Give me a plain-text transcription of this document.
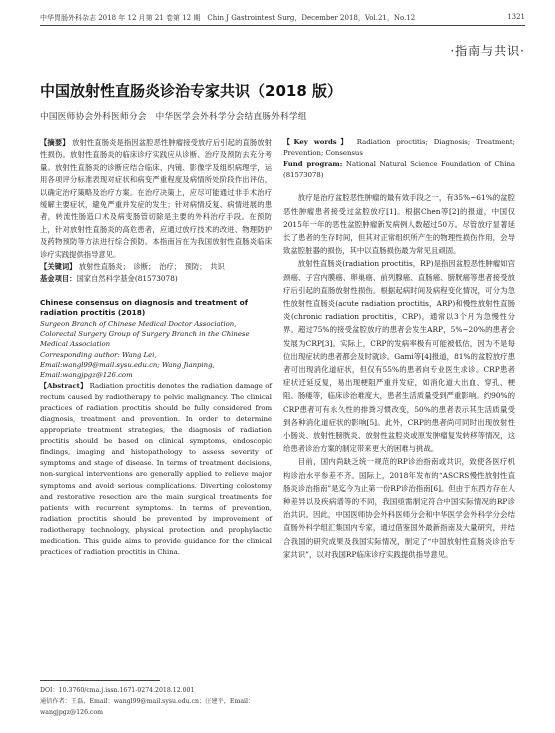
中华胃肠外科杂志 2018 年 12 月第 21 卷第 12 期　Chin J Gastrointest Surg，December 2018，Vol.21，No.12	1321
·指南与共识·
中国放射性直肠炎诊治专家共识（2018 版）
中国医师协会外科医师分会　中华医学会外科学分会结直肠外科学组
【摘要】 放射性直肠炎是指因盆腔恶性肿瘤接受放疗后引起的直肠放射性损伤。放射性直肠炎的临床诊疗实践应从诊断、治疗及预防去充分考量。放射性直肠炎的诊断应结合临床、内镜、影像学及组织病理学，运用各项评分标准表现对症状和病变严重程度及病情所处阶段作出评估，以确定治疗策略及治疗方案。在治疗决策上，应尽可能通过非手术治疗缓解主要症状，避免严重并发症的发生；针对病情反复、病情进展的患者，转流性肠造口术及病变肠管切除是主要的外科治疗手段。在预防上，针对放射性直肠炎的高危患者，应通过放疗技术的改进、物理防护及药物预防等方法进行综合预防。本指南旨在为我国放射性直肠炎临床诊疗实践提供指导意见。
【关键词】 放射性直肠炎；　诊断；　治疗；　预防；　共识
基金项目：国家自然科学基金(81573078)
Chinese consensus on diagnosis and treatment of radiation proctitis (2018)
Surgeon Branch of Chinese Medical Doctor Association, Colorectal Surgery Group of Surgery Branch in the Chinese Medical Association
Corresponding author: Wang Lei, Email:wangl99@mail.sysu.edu.cn; Wang Jianping, Email:wangjpgz@126.com
【Abstract】 Radiation proctitis denotes the radiation damage of rectum caused by radiotherapy to pelvic malignancy. The clinical practices of radiation proctitis should be fully considered from diagnosis, treatment and prevention. In order to determine appropriate treatment strategies, the diagnosis of radiation proctitis should be based on clinical symptoms, endoscopic findings, imaging and histopathology to assess severity of symptoms and stage of disease. In terms of treatment decisions, non-surgical interventions are generally applied to relieve major symptoms and avoid serious complications. Diverting colostomy and restorative resection are the main surgical treatments for patients with recurrent symptoms. In terms of prevention, radiation proctitis should be prevented by improvement of radiotherapy technology, physical protection and prophylactic medication. This guide aims to provide guidance for the clinical practices of radiation proctitis in China.
DOI：10.3760/cma.j.issn.1671-0274.2018.12.001
通信作者：王磊，Email：wangl99@mail.sysu.edu.cn；汪建平，Email：wangjpgz@126.com
【Key words】 Radiation proctitis; Diagnosis; Treatment; Prevention; Consensus
Fund program: National Natural Science Foundation of China (81573078)

放疗是治疗盆腔恶性肿瘤的最有效手段之一，有35%~61%的盆腔恶性肿瘤患者接受过盆腔放疗[1]。根据Chen等[2]的报道，中国仅2015年一年的恶性盆腔肿瘤新发病例人数超过50万。尽管放疗显著延长了患者的生存时间，但其对正常组织所产生的物理性损伤作用，会导致盆腔脏器的损伤，其中以直肠损伤最为常见且顽固。

放射性直肠炎(radiation proctitis，RP)是指因盆腔恶性肿瘤如宫颈癌、子宫内膜癌、卵巢癌、前列腺癌、直肠癌、膀胱癌等患者接受放疗后引起的直肠放射性损伤。根据起病时间及病程变化情况，可分为急性放射性直肠炎(acute radiation proctitis，ARP)和慢性放射性直肠炎(chronic radiation proctitis，CRP)，通常以3个月为急慢性分界。超过75%的接受盆腔放疗的患者会发生ARP，5%~20%的患者会发展为CRP[3]。实际上，CRP的发病率极有可能被低估，因为不是每位出现症状的患者都会及时就诊。Gami等[4]报道，81%的盆腔放疗患者可出现消化道症状，但仅有55%的患者向专业医生求诊。CRP患者症状迁延反复，易出现梗阻严重并发症，如消化道大出血、穿孔、梗阻、肠瘘等，临床诊治难度大，患者生活质量受到严重影响。约90%的CRP患者可有永久性的排粪习惯改变，50%的患者表示其生活质量受到各种消化道症状的影响[5]。此外，CRP的患者尚可同时出现放射性小肠炎、放射性膀胱炎、放射性盆腔炎或原发肿瘤复发转移等情况，这给患者诊治方案的制定带来更大的困难与挑战。

目前，国内尚缺乏统一规范的RP诊治指南或共识，致使各医疗机构诊治水平参差不齐。国际上，2018年发布的“ASCRS慢性放射性直肠炎诊治指南”是迄今为止第一份RP诊治指南[6]。但由于东西方存在人种差异以及疾病谱等的不同，我国亟需制定符合中国实际情况的RP诊治共识。因此，中国医师协会外科医师分会和中华医学会外科学分会结直肠外科学组汇集国内专家，通过借鉴国外最新指南及大量研究，并结合我国的研究成果及我国实际情况，制定了“中国放射性直肠炎诊治专家共识”，以对我国RP临床诊疗实践提供指导意见。
